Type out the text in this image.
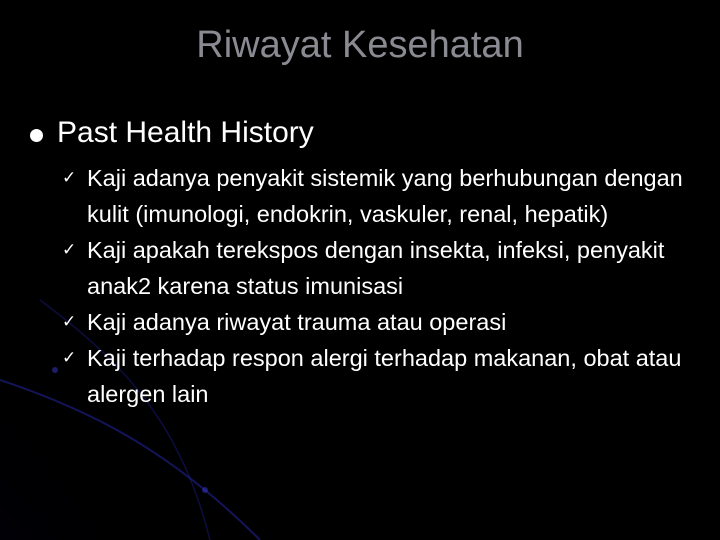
Riwayat Kesehatan
Past Health History
✓ Kaji adanya penyakit sistemik yang berhubungan dengan kulit (imunologi, endokrin, vaskuler, renal, hepatik)
✓ Kaji apakah terekspos dengan insekta, infeksi, penyakit anak2 karena status imunisasi
✓ Kaji adanya riwayat trauma atau operasi
✓ Kaji terhadap respon alergi terhadap makanan, obat atau alergen lain
